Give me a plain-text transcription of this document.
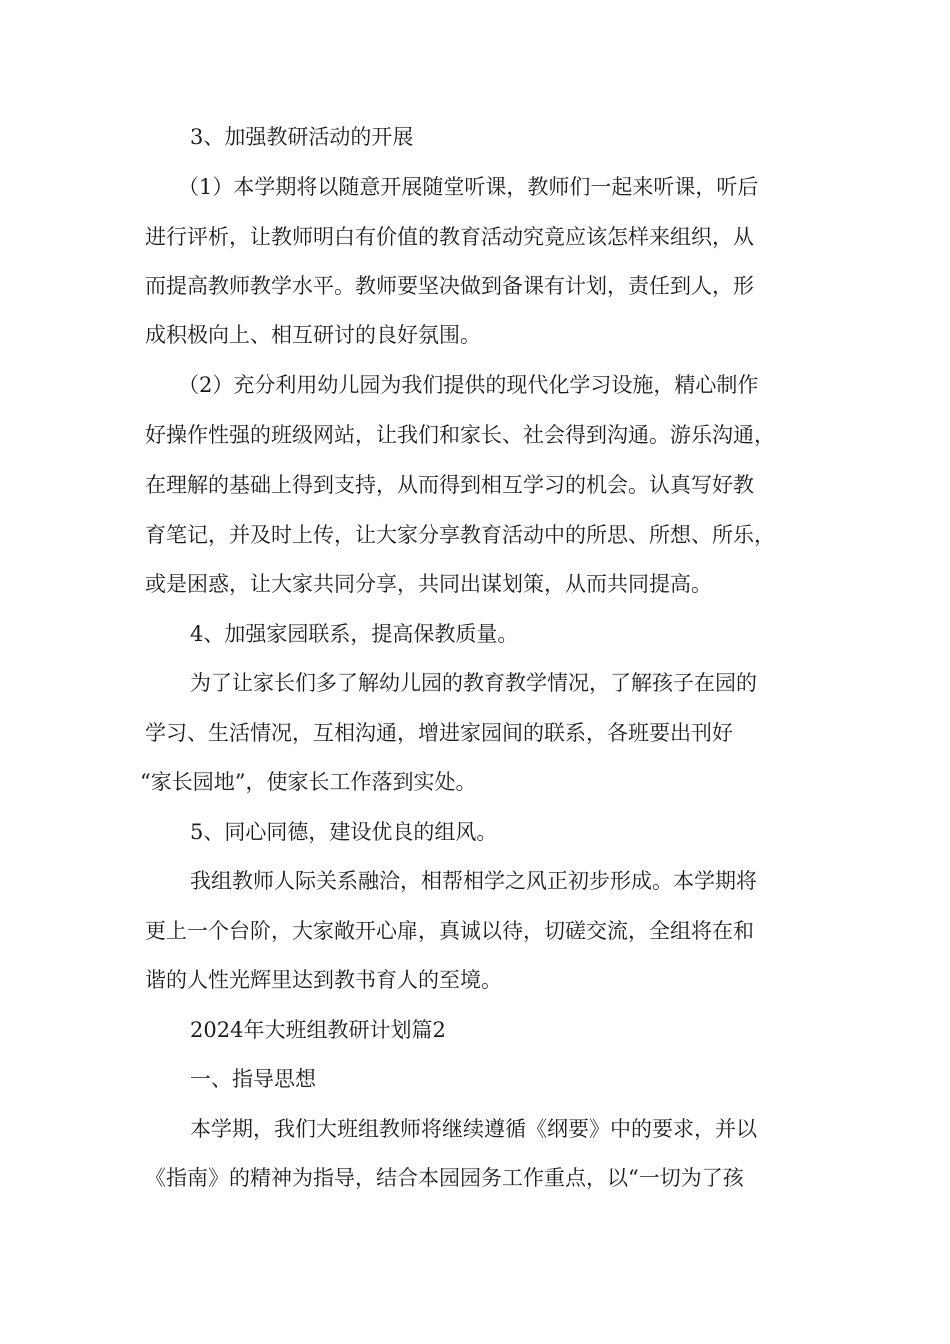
3、加强教研活动的开展
（1）本学期将以随意开展随堂听课，教师们一起来听课，听后
进行评析，让教师明白有价值的教育活动究竟应该怎样来组织，从
而提高教师教学水平。教师要坚决做到备课有计划，责任到人，形
成积极向上、相互研讨的良好氛围。
（2）充分利用幼儿园为我们提供的现代化学习设施，精心制作
好操作性强的班级网站，让我们和家长、社会得到沟通。游乐沟通，
在理解的基础上得到支持，从而得到相互学习的机会。认真写好教
育笔记，并及时上传，让大家分享教育活动中的所思、所想、所乐，
或是困惑，让大家共同分享，共同出谋划策，从而共同提高。
4、加强家园联系，提高保教质量。
为了让家长们多了解幼儿园的教育教学情况，了解孩子在园的
学习、生活情况，互相沟通，增进家园间的联系，各班要出刊好
“家长园地”，使家长工作落到实处。
5、同心同德，建设优良的组风。
我组教师人际关系融洽，相帮相学之风正初步形成。本学期将
更上一个台阶，大家敞开心扉，真诚以待，切磋交流，全组将在和
谐的人性光辉里达到教书育人的至境。
2024年大班组教研计划篇2
一、指导思想
本学期，我们大班组教师将继续遵循《纲要》中的要求，并以
《指南》的精神为指导，结合本园园务工作重点，以“一切为了孩
